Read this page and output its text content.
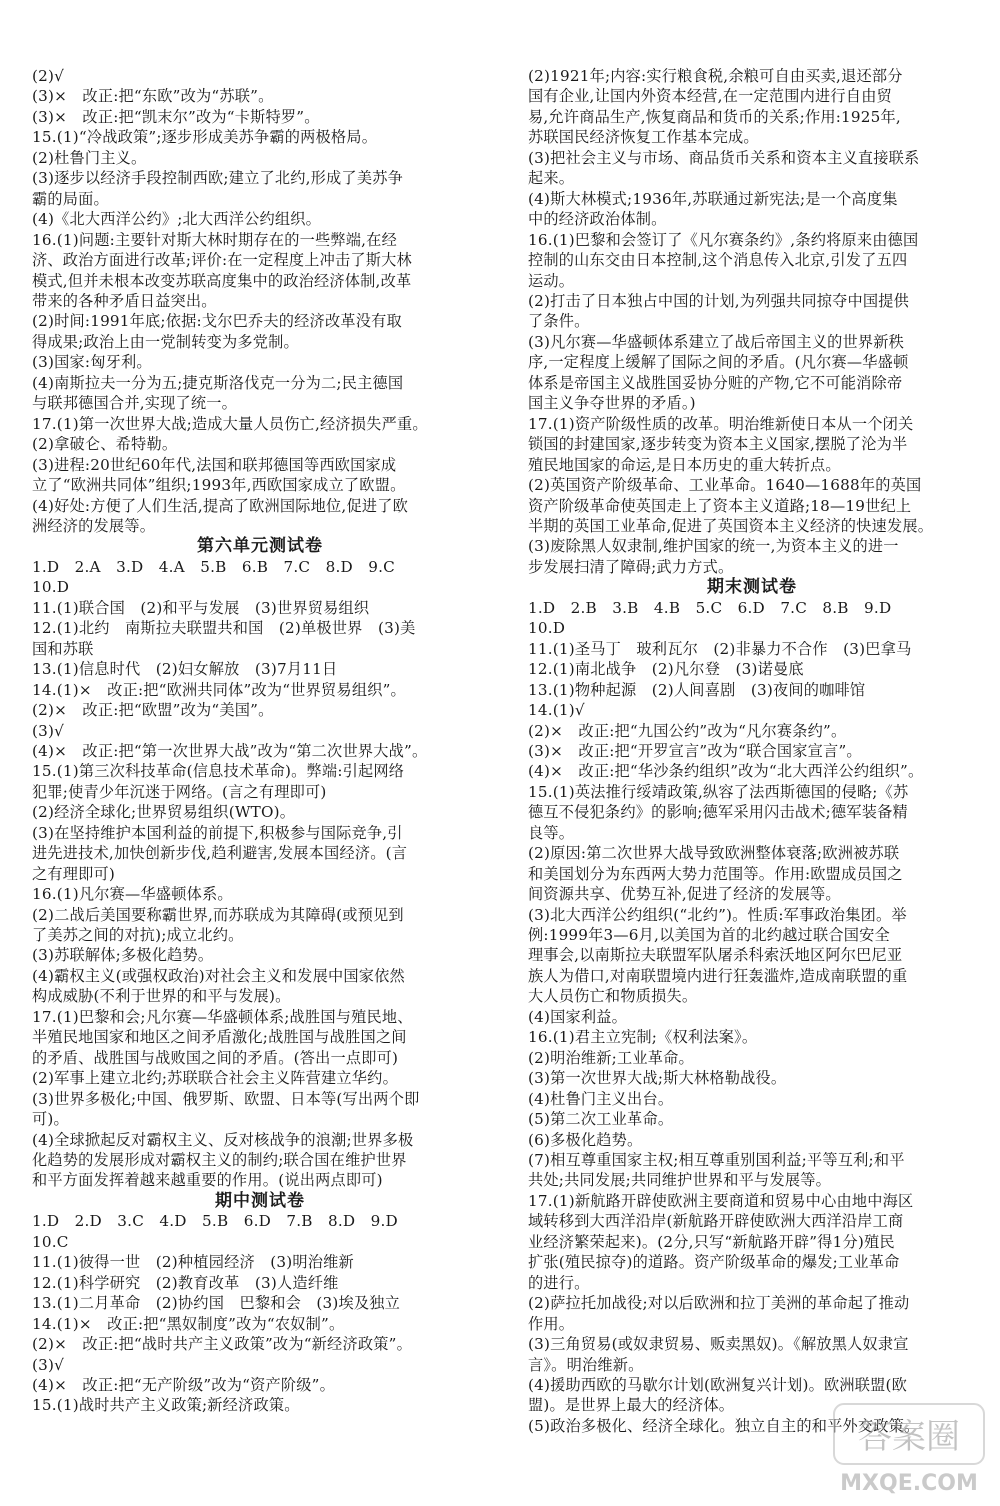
(2)√
(3)×　改正:把“东欧”改为“苏联”。
(3)×　改正:把“凯末尔”改为“卡斯特罗”。
15.(1)“冷战政策”;逐步形成美苏争霸的两极格局。
(2)杜鲁门主义。
(3)逐步以经济手段控制西欧;建立了北约,形成了美苏争
霸的局面。
(4)《北大西洋公约》;北大西洋公约组织。
16.(1)问题:主要针对斯大林时期存在的一些弊端,在经
济、政治方面进行改革;评价:在一定程度上冲击了斯大林
模式,但并未根本改变苏联高度集中的政治经济体制,改革
带来的各种矛盾日益突出。
(2)时间:1991年底;依据:戈尔巴乔夫的经济改革没有取
得成果;政治上由一党制转变为多党制。
(3)国家:匈牙利。
(4)南斯拉夫一分为五;捷克斯洛伐克一分为二;民主德国
与联邦德国合并,实现了统一。
17.(1)第一次世界大战;造成大量人员伤亡,经济损失严重。
(2)拿破仑、希特勒。
(3)进程:20世纪60年代,法国和联邦德国等西欧国家成
立了“欧洲共同体”组织;1993年,西欧国家成立了欧盟。
(4)好处:方便了人们生活,提高了欧洲国际地位,促进了欧
洲经济的发展等。
第六单元测试卷
1.D　2.A　3.D　4.A　5.B　6.B　7.C　8.D　9.C
10.D
11.(1)联合国　(2)和平与发展　(3)世界贸易组织
12.(1)北约　南斯拉夫联盟共和国　(2)单极世界　(3)美
国和苏联
13.(1)信息时代　(2)妇女解放　(3)7月11日
14.(1)×　改正:把“欧洲共同体”改为“世界贸易组织”。
(2)×　改正:把“欧盟”改为“美国”。
(3)√
(4)×　改正:把“第一次世界大战”改为“第二次世界大战”。
15.(1)第三次科技革命(信息技术革命)。弊端:引起网络
犯罪;使青少年沉迷于网络。(言之有理即可)
(2)经济全球化;世界贸易组织(WTO)。
(3)在坚持维护本国利益的前提下,积极参与国际竞争,引
进先进技术,加快创新步伐,趋利避害,发展本国经济。(言
之有理即可)
16.(1)凡尔赛—华盛顿体系。
(2)二战后美国要称霸世界,而苏联成为其障碍(或预见到
了美苏之间的对抗);成立北约。
(3)苏联解体;多极化趋势。
(4)霸权主义(或强权政治)对社会主义和发展中国家依然
构成威胁(不利于世界的和平与发展)。
17.(1)巴黎和会;凡尔赛—华盛顿体系;战胜国与殖民地、
半殖民地国家和地区之间矛盾激化;战胜国与战胜国之间
的矛盾、战胜国与战败国之间的矛盾。(答出一点即可)
(2)军事上建立北约;苏联联合社会主义阵营建立华约。
(3)世界多极化;中国、俄罗斯、欧盟、日本等(写出两个即
可)。
(4)全球掀起反对霸权主义、反对核战争的浪潮;世界多极
化趋势的发展形成对霸权主义的制约;联合国在维护世界
和平方面发挥着越来越重要的作用。(说出两点即可)
期中测试卷
1.D　2.D　3.C　4.D　5.B　6.D　7.B　8.D　9.D
10.C
11.(1)彼得一世　(2)种植园经济　(3)明治维新
12.(1)科学研究　(2)教育改革　(3)人造纤维
13.(1)二月革命　(2)协约国　巴黎和会　(3)埃及独立
14.(1)×　改正:把“黑奴制度”改为“农奴制”。
(2)×　改正:把“战时共产主义政策”改为“新经济政策”。
(3)√
(4)×　改正:把“无产阶级”改为“资产阶级”。
15.(1)战时共产主义政策;新经济政策。
(2)1921年;内容:实行粮食税,余粮可自由买卖,退还部分
国有企业,让国内外资本经营,在一定范围内进行自由贸
易,允许商品生产,恢复商品和货币的关系;作用:1925年,
苏联国民经济恢复工作基本完成。
(3)把社会主义与市场、商品货币关系和资本主义直接联系
起来。
(4)斯大林模式;1936年,苏联通过新宪法;是一个高度集
中的经济政治体制。
16.(1)巴黎和会签订了《凡尔赛条约》,条约将原来由德国
控制的山东交由日本控制,这个消息传入北京,引发了五四
运动。
(2)打击了日本独占中国的计划,为列强共同掠夺中国提供
了条件。
(3)凡尔赛—华盛顿体系建立了战后帝国主义的世界新秩
序,一定程度上缓解了国际之间的矛盾。(凡尔赛—华盛顿
体系是帝国主义战胜国妥协分赃的产物,它不可能消除帝
国主义争夺世界的矛盾。)
17.(1)资产阶级性质的改革。明治维新使日本从一个闭关
锁国的封建国家,逐步转变为资本主义国家,摆脱了沦为半
殖民地国家的命运,是日本历史的重大转折点。
(2)英国资产阶级革命、工业革命。1640—1688年的英国
资产阶级革命使英国走上了资本主义道路;18—19世纪上
半期的英国工业革命,促进了英国资本主义经济的快速发展。
(3)废除黑人奴隶制,维护国家的统一,为资本主义的进一
步发展扫清了障碍;武力方式。
期末测试卷
1.D　2.B　3.B　4.B　5.C　6.D　7.C　8.B　9.D
10.D
11.(1)圣马丁　玻利瓦尔　(2)非暴力不合作　(3)巴拿马
12.(1)南北战争　(2)凡尔登　(3)诺曼底
13.(1)物种起源　(2)人间喜剧　(3)夜间的咖啡馆
14.(1)√
(2)×　改正:把“九国公约”改为“凡尔赛条约”。
(3)×　改正:把“开罗宣言”改为“联合国家宣言”。
(4)×　改正:把“华沙条约组织”改为“北大西洋公约组织”。
15.(1)英法推行绥靖政策,纵容了法西斯德国的侵略;《苏
德互不侵犯条约》的影响;德军采用闪击战术;德军装备精
良等。
(2)原因:第二次世界大战导致欧洲整体衰落;欧洲被苏联
和美国划分为东西两大势力范围等。作用:欧盟成员国之
间资源共享、优势互补,促进了经济的发展等。
(3)北大西洋公约组织(“北约”)。性质:军事政治集团。举
例:1999年3—6月,以美国为首的北约越过联合国安全
理事会,以南斯拉夫联盟军队屠杀科索沃地区阿尔巴尼亚
族人为借口,对南联盟境内进行狂轰滥炸,造成南联盟的重
大人员伤亡和物质损失。
(4)国家利益。
16.(1)君主立宪制;《权利法案》。
(2)明治维新;工业革命。
(3)第一次世界大战;斯大林格勒战役。
(4)杜鲁门主义出台。
(5)第二次工业革命。
(6)多极化趋势。
(7)相互尊重国家主权;相互尊重别国利益;平等互利;和平
共处;共同发展;共同维护世界和平与发展等。
17.(1)新航路开辟使欧洲主要商道和贸易中心由地中海区
域转移到大西洋沿岸(新航路开辟使欧洲大西洋沿岸工商
业经济繁荣起来)。(2分,只写“新航路开辟”得1分)殖民
扩张(殖民掠夺)的道路。资产阶级革命的爆发;工业革命
的进行。
(2)萨拉托加战役;对以后欧洲和拉丁美洲的革命起了推动
作用。
(3)三角贸易(或奴隶贸易、贩卖黑奴)。《解放黑人奴隶宣
言》。明治维新。
(4)援助西欧的马歇尔计划(欧洲复兴计划)。欧洲联盟(欧
盟)。是世界上最大的经济体。
(5)政治多极化、经济全球化。独立自主的和平外交政策。
答案圈
MXQE.COM
